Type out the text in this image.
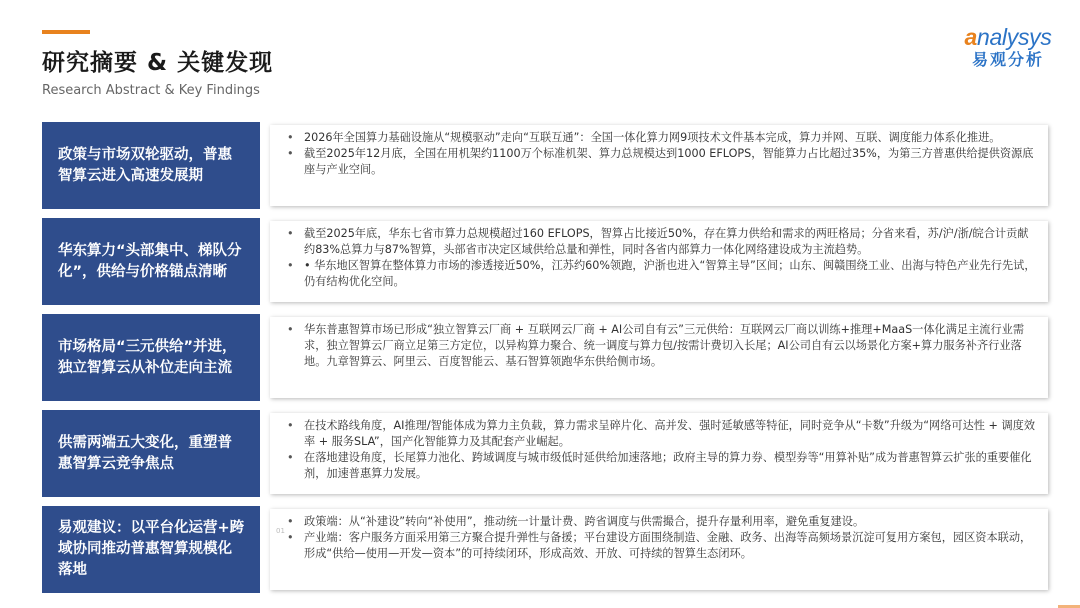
研究摘要 & 关键发现
Research Abstract & Key Findings
analysys
易观分析
政策与市场双轮驱动，普惠智算云进入高速发展期
• 2026年全国算力基础设施从“规模驱动”走向“互联互通”：全国一体化算力网9项技术文件基本完成，算力并网、互联、调度能力体系化推进。
• 截至2025年12月底，全国在用机架约1100万个标准机架、算力总规模达到1000 EFLOPS，智能算力占比超过35%，为第三方普惠供给提供资源底座与产业空间。
华东算力“头部集中、梯队分化”，供给与价格锚点清晰
• 截至2025年底，华东七省市算力总规模超过160 EFLOPS，智算占比接近50%，存在算力供给和需求的两旺格局；分省来看，苏/沪/浙/皖合计贡献约83%总算力与87%智算，头部省市决定区域供给总量和弹性，同时各省内部算力一体化网络建设成为主流趋势。
• • 华东地区智算在整体算力市场的渗透接近50%，江苏约60%领跑，沪浙也进入“智算主导”区间；山东、闽赣围绕工业、出海与特色产业先行先试，仍有结构优化空间。
市场格局“三元供给”并进，独立智算云从补位走向主流
• 华东普惠智算市场已形成“独立智算云厂商 + 互联网云厂商 + AI公司自有云”三元供给：互联网云厂商以训练+推理+MaaS一体化满足主流行业需求，独立智算云厂商立足第三方定位，以异构算力聚合、统一调度与算力包/按需计费切入长尾；AI公司自有云以场景化方案+算力服务补齐行业落地。九章智算云、阿里云、百度智能云、基石智算领跑华东供给侧市场。
供需两端五大变化，重塑普惠智算云竞争焦点
• 在技术路线角度，AI推理/智能体成为算力主负载，算力需求呈碎片化、高并发、强时延敏感等特征，同时竞争从“卡数”升级为“网络可达性 + 调度效率 + 服务SLA”，国产化智能算力及其配套产业崛起。
• 在落地建设角度，长尾算力池化、跨域调度与城市级低时延供给加速落地；政府主导的算力券、模型券等“用算补贴”成为普惠智算云扩张的重要催化剂，加速普惠算力发展。
易观建议：以平台化运营+跨域协同推动普惠智算规模化落地
• 政策端：从“补建设”转向“补使用”，推动统一计量计费、跨省调度与供需撮合，提升存量利用率，避免重复建设。
• 产业端：客户服务方面采用第三方聚合提升弹性与备援；平台建设方面围绕制造、金融、政务、出海等高频场景沉淀可复用方案包，园区资本联动，形成“供给—使用—开发—资本”的可持续闭环，形成高效、开放、可持续的智算生态闭环。
01
